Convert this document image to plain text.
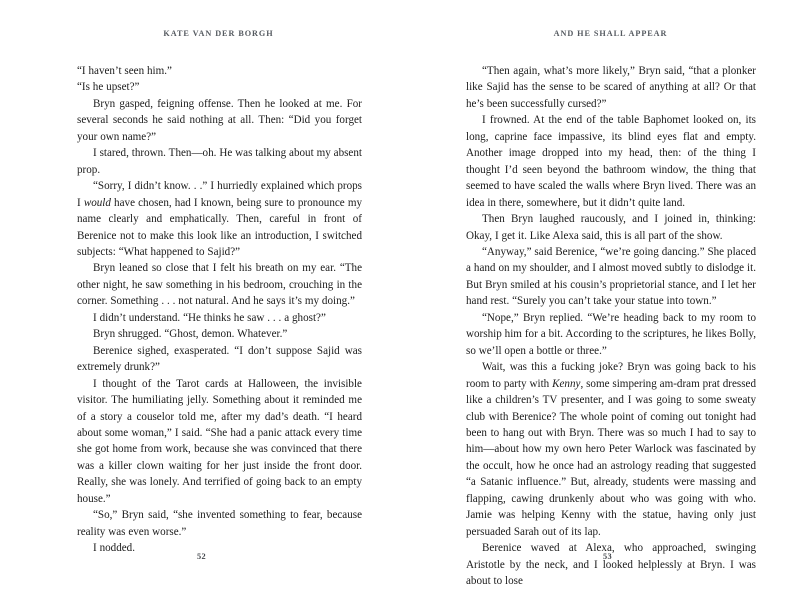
KATE VAN DER BORGH

“I haven’t seen him.”

“Is he upset?”

Bryn gasped, feigning offense. Then he looked at me. For several seconds he said nothing at all. Then: “Did you forget your own name?”

I stared, thrown. Then—oh. He was talking about my absent prop.

“Sorry, I didn’t know. . .” I hurriedly explained which props I would have chosen, had I known, being sure to pronounce my name clearly and emphatically. Then, careful in front of Berenice not to make this look like an introduction, I switched subjects: “What happened to Sajid?”

Bryn leaned so close that I felt his breath on my ear. “The other night, he saw something in his bedroom, crouching in the corner. Something . . . not natural. And he says it’s my doing.”

I didn’t understand. “He thinks he saw . . . a ghost?”

Bryn shrugged. “Ghost, demon. Whatever.”

Berenice sighed, exasperated. “I don’t suppose Sajid was extremely drunk?”

I thought of the Tarot cards at Halloween, the invisible visitor. The humiliating jelly. Something about it reminded me of a story a couselor told me, after my dad’s death. “I heard about some woman,” I said. “She had a panic attack every time she got home from work, because she was convinced that there was a killer clown waiting for her just inside the front door. Really, she was lonely. And terrified of going back to an empty house.”

“So,” Bryn said, “she invented something to fear, because reality was even worse.”

I nodded.

52
AND HE SHALL APPEAR

“Then again, what’s more likely,” Bryn said, “that a plonker like Sajid has the sense to be scared of anything at all? Or that he’s been successfully cursed?”

I frowned. At the end of the table Baphomet looked on, its long, caprine face impassive, its blind eyes flat and empty. Another image dropped into my head, then: of the thing I thought I’d seen beyond the bathroom window, the thing that seemed to have scaled the walls where Bryn lived. There was an idea in there, somewhere, but it didn’t quite land.

Then Bryn laughed raucously, and I joined in, thinking: Okay, I get it. Like Alexa said, this is all part of the show.

“Anyway,” said Berenice, “we’re going dancing.” She placed a hand on my shoulder, and I almost moved subtly to dislodge it. But Bryn smiled at his cousin’s proprietorial stance, and I let her hand rest. “Surely you can’t take your statue into town.”

“Nope,” Bryn replied. “We’re heading back to my room to worship him for a bit. According to the scriptures, he likes Bolly, so we’ll open a bottle or three.”

Wait, was this a fucking joke? Bryn was going back to his room to party with Kenny, some simpering am-dram prat dressed like a children’s TV presenter, and I was going to some sweaty club with Berenice? The whole point of coming out tonight had been to hang out with Bryn. There was so much I had to say to him—about how my own hero Peter Warlock was fascinated by the occult, how he once had an astrology reading that suggested “a Satanic influence.” But, already, students were massing and flapping, cawing drunkenly about who was going with who. Jamie was helping Kenny with the statue, having only just persuaded Sarah out of its lap.

Berenice waved at Alexa, who approached, swinging Aristotle by the neck, and I looked helplessly at Bryn. I was about to lose

53
